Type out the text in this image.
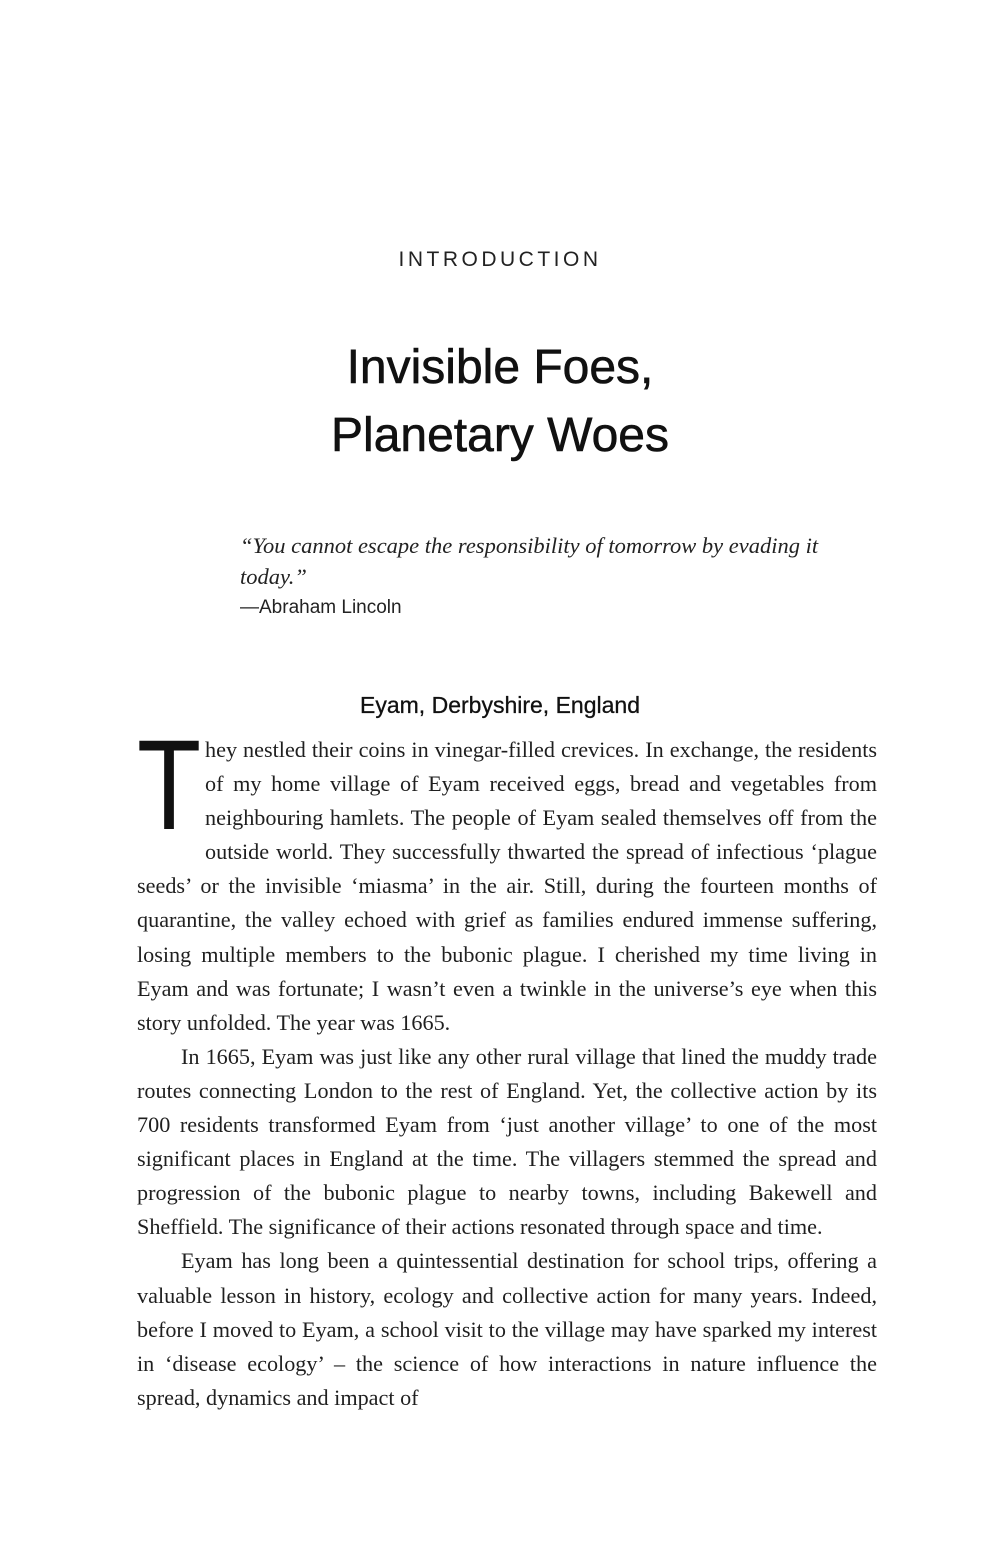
INTRODUCTION
Invisible Foes,
Planetary Woes

“You cannot escape the responsibility of tomorrow by evading it today.”

—Abraham Lincoln

Eyam, Derbyshire, England

They nestled their coins in vinegar-filled crevices. In exchange, the residents of my home village of Eyam received eggs, bread and vegetables from neighbouring hamlets. The people of Eyam sealed themselves off from the outside world. They successfully thwarted the spread of infectious ‘plague seeds’ or the invisible ‘miasma’ in the air. Still, during the fourteen months of quarantine, the valley echoed with grief as families endured immense suffering, losing multiple members to the bubonic plague. I cherished my time living in Eyam and was fortunate; I wasn’t even a twinkle in the universe’s eye when this story unfolded. The year was 1665.

In 1665, Eyam was just like any other rural village that lined the muddy trade routes connecting London to the rest of England. Yet, the collective action by its 700 residents transformed Eyam from ‘just another village’ to one of the most significant places in England at the time. The villagers stemmed the spread and progression of the bubonic plague to nearby towns, including Bakewell and Sheffield. The significance of their actions resonated through space and time.

Eyam has long been a quintessential destination for school trips, offering a valuable lesson in history, ecology and collective action for many years. Indeed, before I moved to Eyam, a school visit to the village may have sparked my interest in ‘disease ecology’ – the science of how interactions in nature influence the spread, dynamics and impact of
